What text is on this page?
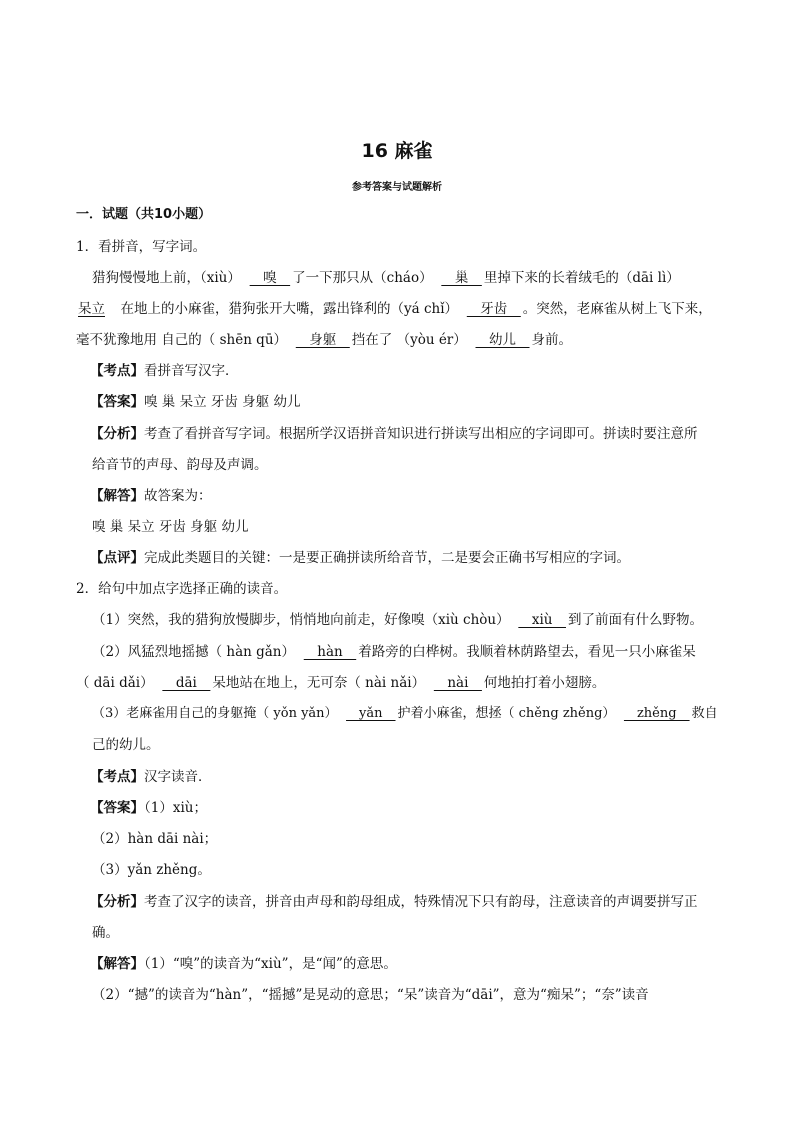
16 麻雀
参考答案与试题解析
一．试题（共10小题）
1．看拼音，写字词。
猎狗慢慢地上前，（xiù）　　嗅　了一下那只从（cháo）　　巢　里掉下来的长着绒毛的（dāi lì）
呆立　在地上的小麻雀，猎狗张开大嘴，露出锋利的（yá chǐ）　　牙齿　。突然，老麻雀从树上飞下来，
毫不犹豫地用 自己的（ shēn qū）　　身躯　挡在了 （yòu ér）　　幼儿　身前。
【考点】看拼音写汉字．
【答案】嗅 巢 呆立 牙齿 身躯 幼儿
【分析】考查了看拼音写字词。根据所学汉语拼音知识进行拼读写出相应的字词即可。拼读时要注意所
给音节的声母、韵母及声调。
【解答】故答案为：
嗅 巢 呆立 牙齿 身躯 幼儿
【点评】完成此类题目的关键：一是要正确拼读所给音节，二是要会正确书写相应的字词。
2．给句中加点字选择正确的读音。
（1）突然，我的猎狗放慢脚步，悄悄地向前走，好像嗅（xiù chòu）　　xiù　到了前面有什么野物。
（2）风猛烈地摇撼（ hàn gǎn）　　hàn　着路旁的白桦树。我顺着林荫路望去，看见一只小麻雀呆
（ dāi dǎi）　　dāi　呆地站在地上，无可奈（ nài nǎi）　　nài　何地拍打着小翅膀。
（3）老麻雀用自己的身躯掩（ yǒn yǎn）　　yǎn　护着小麻雀，想拯（ chěng zhěng）　　zhěng　救自
己的幼儿。
【考点】汉字读音．
【答案】（1）xiù；
（2）hàn dāi nài；
（3）yǎn zhěng。
【分析】考查了汉字的读音，拼音由声母和韵母组成，特殊情况下只有韵母，注意读音的声调要拼写正
确。
【解答】（1）“嗅”的读音为“xiù”，是“闻”的意思。
（2）“撼”的读音为“hàn”，“摇撼”是晃动的意思；“呆”读音为“dāi”，意为“痴呆”；“奈”读音
